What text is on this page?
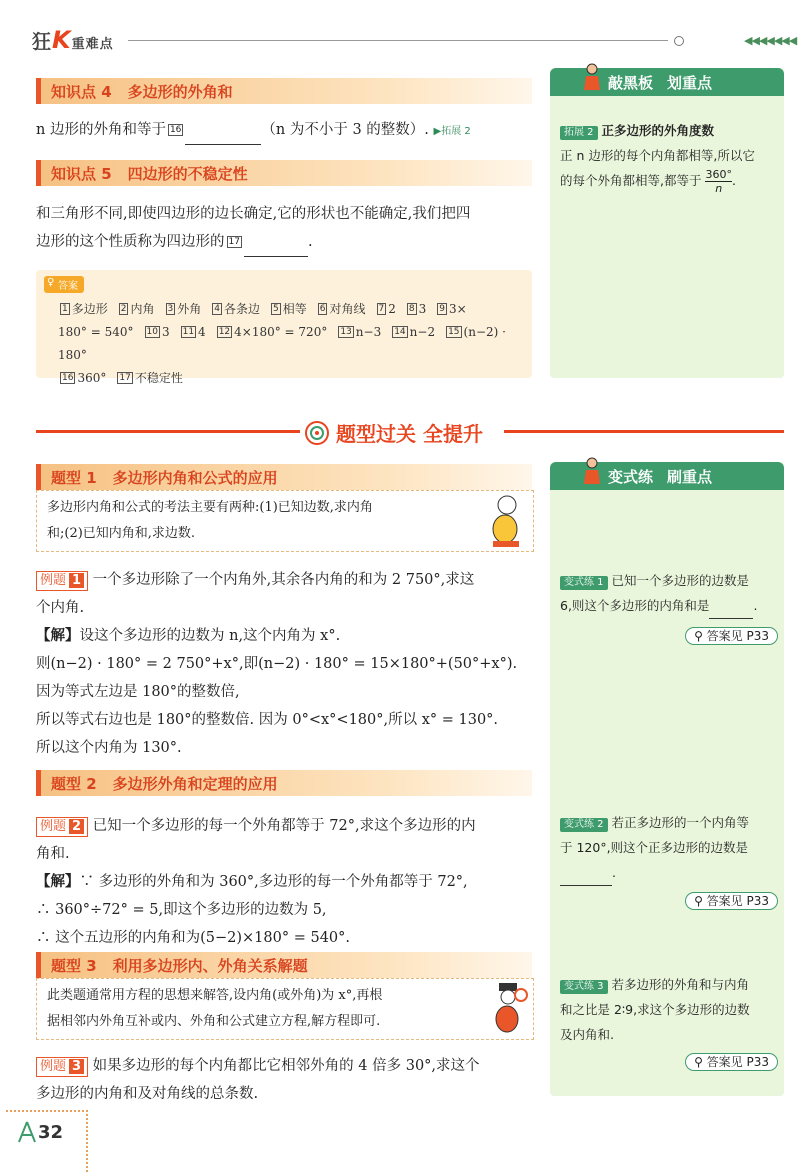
狂K重难点	◀◀◀◀◀◀◀
知识点 4 多边形的外角和
n 边形的外角和等于 16	（n 为不小于 3 的整数）. ▶拓展 2
知识点 5 四边形的不稳定性
和三角形不同,即使四边形的边长确定,它的形状也不能确定,我们把四
边形的这个性质称为四边形的 17	.
♀ 答案
1 多边形 2 内角 3 外角 4 各条边 5 相等 6 对角线 7 2 8 3 9 3×
180° = 540° 10 3 11 4 12 4×180° = 720° 13 n−3 14 n−2 15 (n−2) · 180°
16 360° 17 不稳定性
敲黑板 划重点
拓展 2 正多边形的外角度数
正 n 边形的每个内角都相等,所以它
的每个外角都相等,都等于 $\frac{360^\circ}{n}$ .
题型过关 全提升
题型 1 多边形内角和公式的应用
多边形内角和公式的考法主要有两种:(1)已知边数,求内角
和;(2)已知内角和,求边数.
例题 1 一个多边形除了一个内角外,其余各内角的和为 2 750°,求这
个内角.
【解】设这个多边形的边数为 n,这个内角为 x°.
则(n−2) · 180° = 2 750°+x°,即(n−2) · 180° = 15×180°+(50°+x°).
因为等式左边是 180°的整数倍,
所以等式右边也是 180°的整数倍. 因为 0°<x°<180°,所以 x° = 130°.
所以这个内角为 130°.
题型 2 多边形外角和定理的应用
例题 2 已知一个多边形的每一个外角都等于 72°,求这个多边形的内
角和.
【解】∵ 多边形的外角和为 360°,多边形的每一个外角都等于 72°,
∴ 360°÷72° = 5,即这个多边形的边数为 5,
∴ 这个五边形的内角和为(5−2)×180° = 540°.
题型 3 利用多边形内、外角关系解题
此类题通常用方程的思想来解答,设内角(或外角)为 x°,再根
据相邻内外角互补或内、外角和公式建立方程,解方程即可.
例题 3 如果多边形的每个内角都比它相邻外角的 4 倍多 30°,求这个
多边形的内角和及对角线的总条数.
变式练 刷重点
变式练 1 已知一个多边形的边数是
6,则这个多边形的内角和是	.
⚲ 答案见 P33
变式练 2 若正多边形的一个内角等
于 120°,则这个正多边形的边数是
.
⚲ 答案见 P33
变式练 3 若多边形的外角和与内角
和之比是 2∶9,求这个多边形的边数
及内角和.
⚲ 答案见 P33
32
